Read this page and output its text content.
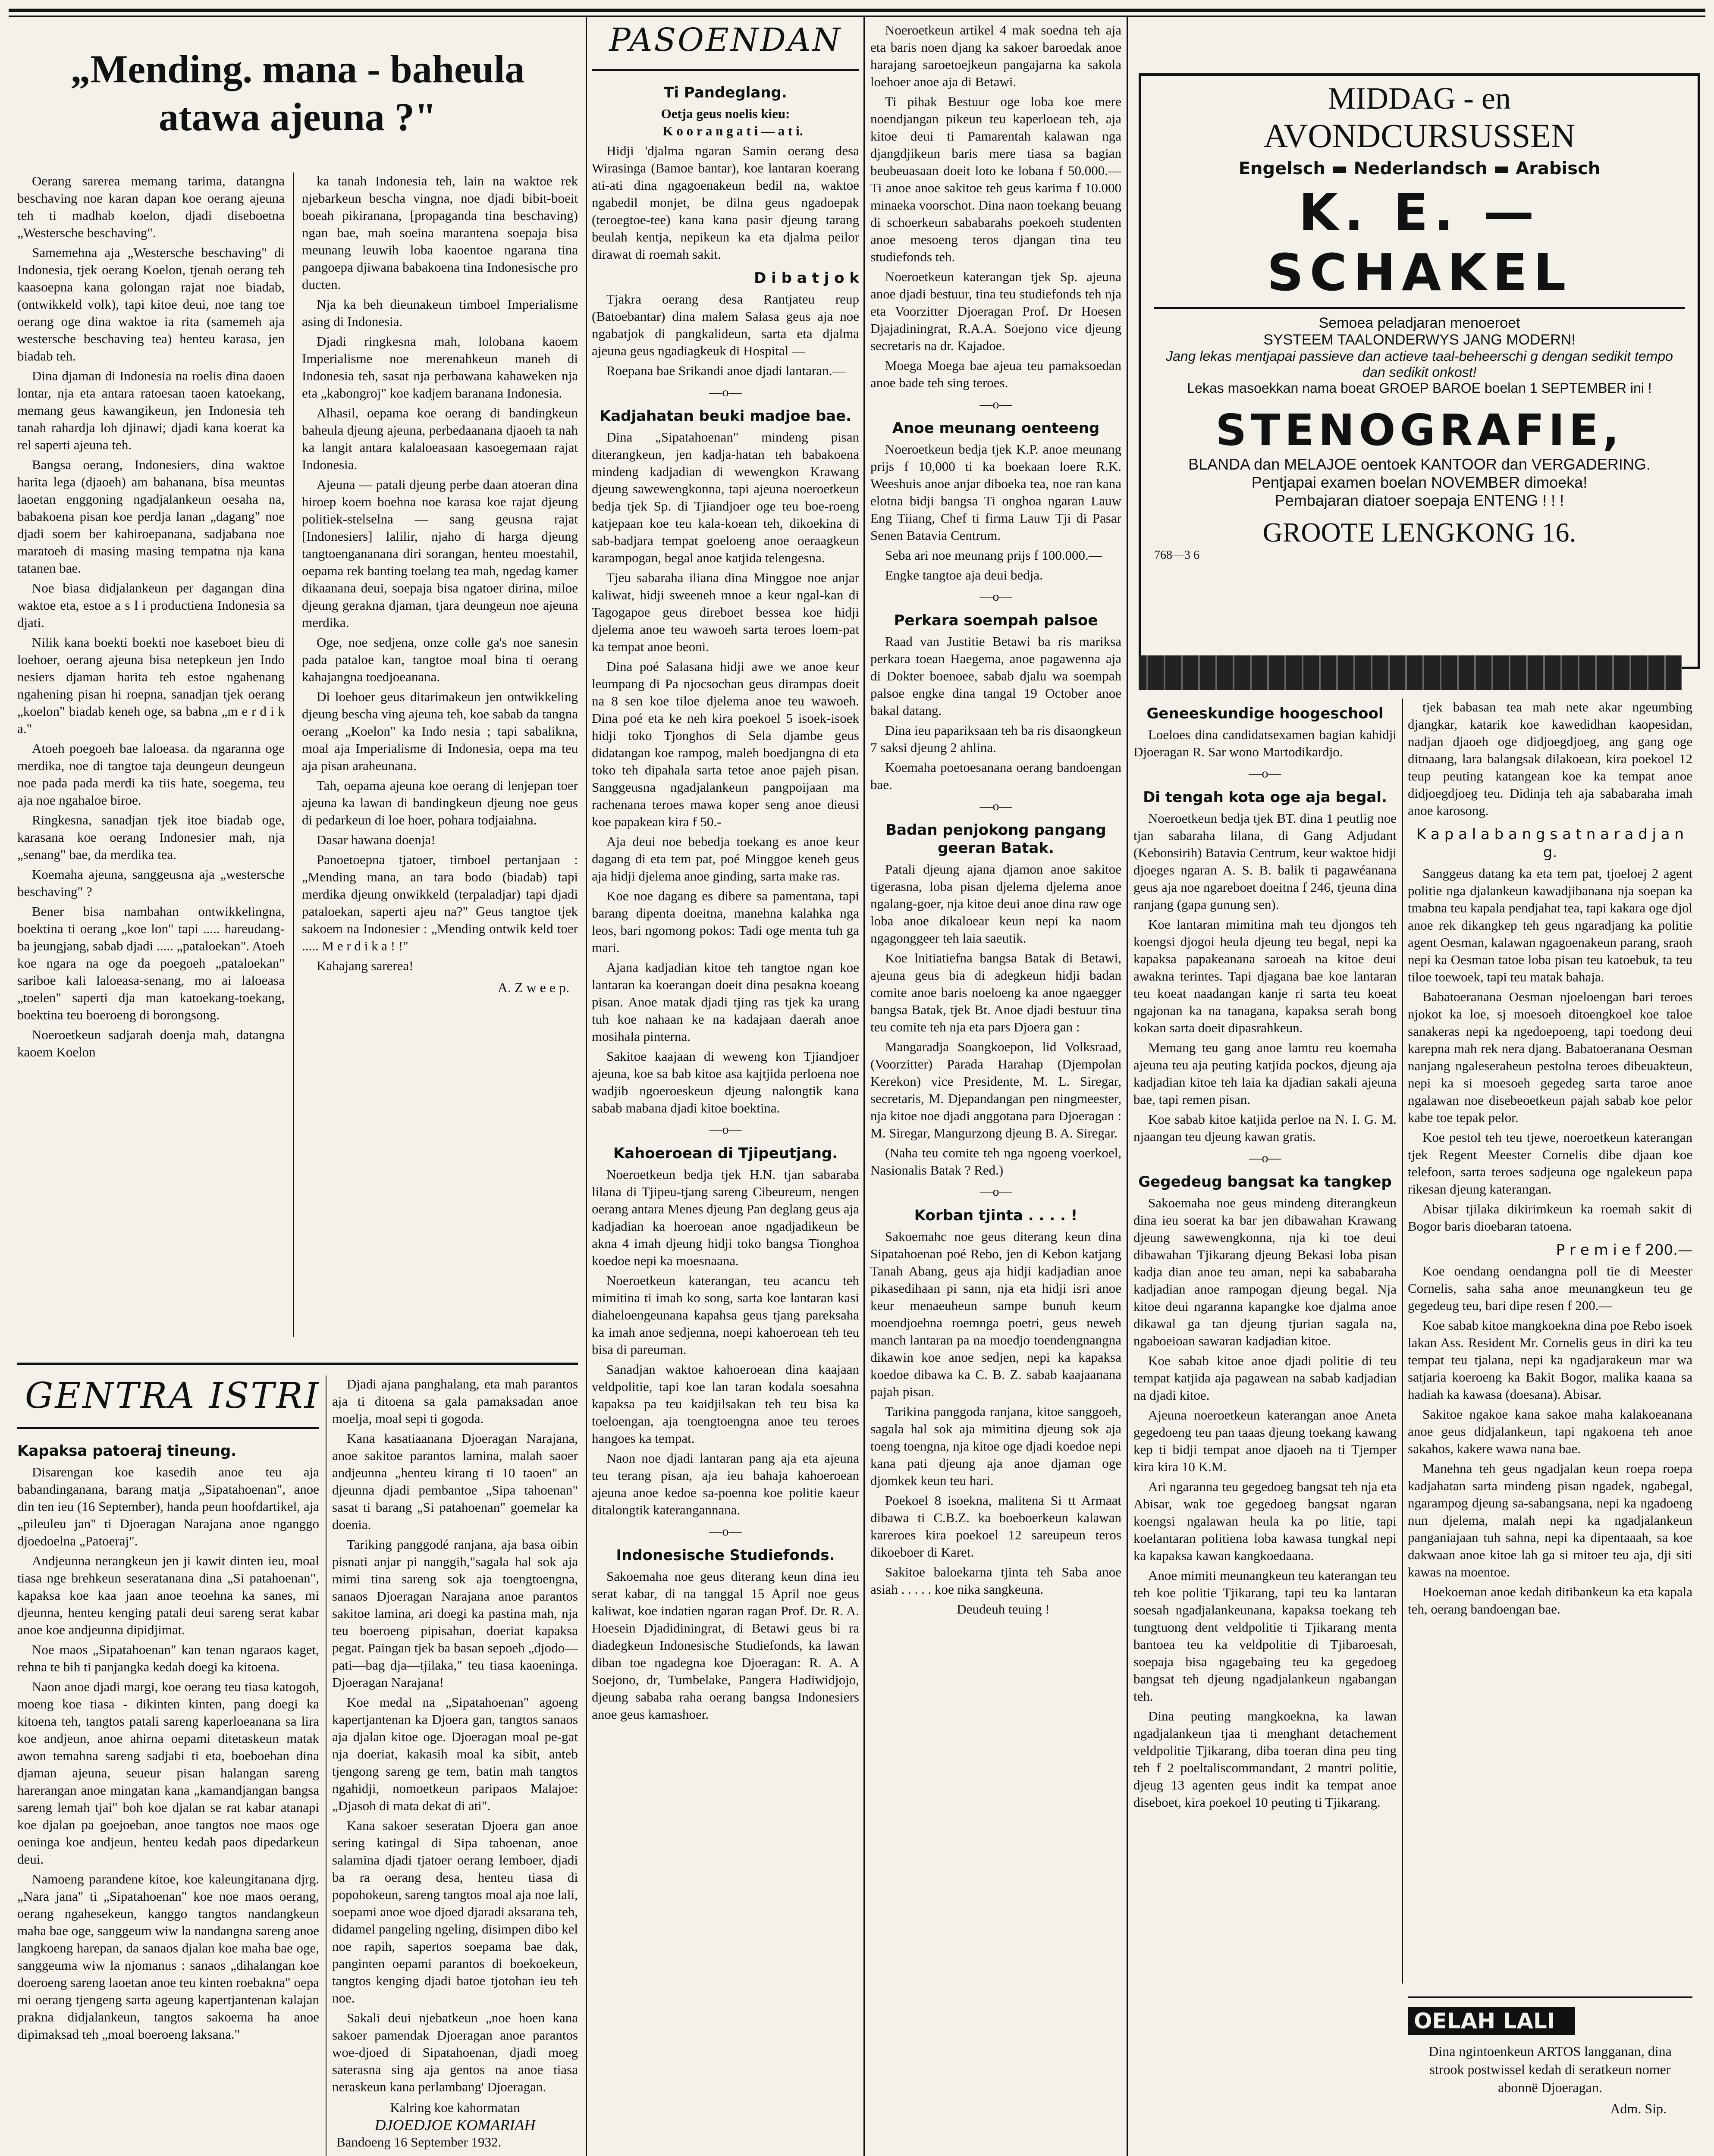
„Mending. mana - baheula
atawa ajeuna ?"

Oerang sarerea memang tarima, datangna beschaving noe karan dapan koe oerang ajeuna teh ti madhab koelon, djadi diseboetna „Westersche beschaving".

Samemehna aja „Westersche beschaving" di Indonesia, tjek oerang Koelon, tjenah oerang teh kaasoepna kana golongan rajat noe biadab, (ontwikkeld volk), tapi kitoe deui, noe tang toe oerang oge dina waktoe ia rita (samemeh aja westersche beschaving tea) henteu karasa, jen biadab teh.

Dina djaman di Indonesia na roelis dina daoen lontar, nja eta antara ratoesan taoen katoekang, memang geus kawangikeun, jen Indonesia teh tanah rahardja loh djinawi; djadi kana koerat ka rel saperti ajeuna teh.

Bangsa oerang, Indonesiers, dina waktoe harita lega (djaoeh) am bahanana, bisa meuntas laoetan enggoning ngadjalankeun oesaha na, babakoena pisan koe perdja lanan „dagang" noe djadi soem ber kahiroepanana, sadjabana noe maratoeh di masing masing tempatna nja kana tatanen bae.

Noe biasa didjalankeun per dagangan dina waktoe eta, estoe a s l i productiena Indonesia sa djati.

Nilik kana boekti boekti noe kaseboet bieu di loehoer, oerang ajeuna bisa netepkeun jen Indo nesiers djaman harita teh estoe ngahenang ngahening pisan hi roepna, sanadjan tjek oerang „koelon" biadab keneh oge, sa babna „m e r d i k a."

Atoeh poegoeh bae laloeasa. da ngaranna oge merdika, noe di tangtoe taja deungeun deungeun noe pada pada merdi ka tiis hate, soegema, teu aja noe ngahaloe biroe.

Ringkesna, sanadjan tjek itoe biadab oge, karasana koe oerang Indonesier mah, nja „senang" bae, da merdika tea.

Koemaha ajeuna, sanggeusna aja „westersche beschaving" ?

Bener bisa nambahan ontwikkelingna, boektina ti oerang „koe lon" tapi ..... hareudang-ba jeungjang, sabab djadi ..... „pataloekan". Atoeh koe ngara na oge da poegoeh „pataloekan" sariboe kali laloeasa-senang, mo ai laloeasa „toelen" saperti dja man katoekang-toekang, boektina teu boeroeng di borongsong.

Noeroetkeun sadjarah doenja mah, datangna kaoem Koelon

ka tanah Indonesia teh, lain na waktoe rek njebarkeun bescha vingna, noe djadi bibit-boeit boeah pikiranana, [propaganda tina beschaving) ngan bae, mah soeina marantena soepaja bisa meunang leuwih loba kaoentoe ngarana tina pangoepa djiwana babakoena tina Indonesische pro ducten.

Nja ka beh dieunakeun timboel Imperialisme asing di Indonesia.

Djadi ringkesna mah, lolobana kaoem Imperialisme noe merenahkeun maneh di Indonesia teh, sasat nja perbawana kahaweken nja eta „kabongroj" koe kadjem baranana Indonesia.

Alhasil, oepama koe oerang di bandingkeun baheula djeung ajeuna, perbedaanana djaoeh ta nah ka langit antara kalaloeasaan kasoegemaan rajat Indonesia.

Ajeuna — patali djeung perbe daan atoeran dina hiroep koem boehna noe karasa koe rajat djeung politiek-stelselna — sang geusna rajat [Indonesiers] lalilir, njaho di harga djeung tangtoengananana diri sorangan, henteu moestahil, oepama rek banting toelang tea mah, ngedag kamer dikaanana deui, soepaja bisa ngatoer dirina, miloe djeung gerakna djaman, tjara deungeun noe ajeuna merdika.

Oge, noe sedjena, onze colle ga's noe sanesin pada pataloe kan, tangtoe moal bina ti oerang kahajangna toedjoeanana.

Di loehoer geus ditarimakeun jen ontwikkeling djeung bescha ving ajeuna teh, koe sabab da tangna oerang „Koelon" ka Indo nesia ; tapi sabalikna, moal aja Imperialisme di Indonesia, oepa ma teu aja pisan araheunana.

Tah, oepama ajeuna koe oerang di lenjepan toer ajeuna ka lawan di bandingkeun djeung noe geus di pedarkeun di loe hoer, pohara todjaiahna.

Dasar hawana doenja!

Panoetoepna tjatoer, timboel pertanjaan : „Mending mana, an tara bodo (biadab) tapi merdika djeung onwikkeld (terpaladjar) tapi djadi pataloekan, saperti ajeu na?" Geus tangtoe tjek sakoem na Indonesier : „Mending ontwik keld toer ..... M e r d i k a ! !"

Kahajang sarerea!

A. Z w e e p.
GENTRA ISTRI
Kapaksa patoeraj tineung.

Disarengan koe kasedih anoe teu aja babandinganana, barang matja „Sipatahoenan", anoe din ten ieu (16 September), handa peun hoofdartikel, aja „pileuleu jan" ti Djoeragan Narajana anoe nganggo djoedoelna „Patoeraj".

Andjeunna nerangkeun jen ji kawit dinten ieu, moal tiasa nge brehkeun seseratanana dina „Si patahoenan", kapaksa koe kaa jaan anoe teoehna ka sanes, mi djeunna, henteu kenging patali deui sareng serat kabar anoe koe andjeunna dipidjimat.

Noe maos „Sipatahoenan" kan tenan ngaraos kaget, rehna te bih ti panjangka kedah doegi ka kitoena.

Naon anoe djadi margi, koe oerang teu tiasa katogoh, moeng koe tiasa - dikinten kinten, pang doegi ka kitoena teh, tangtos patali sareng kaperloeanana sa lira koe andjeun, anoe ahirna oepami ditetaskeun matak awon temahna sareng sadjabi ti eta, boeboehan dina djaman ajeuna, seueur pisan halangan sareng harerangan anoe mingatan kana „kamandjangan bangsa sareng lemah tjai" boh koe djalan se rat kabar atanapi koe djalan pa goejoeban, anoe tangtos noe maos oge oeninga koe andjeun, henteu kedah paos dipedarkeun deui.

Namoeng parandene kitoe, koe kaleungitanana djrg. „Nara jana" ti „Sipatahoenan" koe noe maos oerang, oerang ngahesekeun, kanggo tangtos nandangkeun maha bae oge, sanggeum wiw la nandangna sareng anoe langkoeng harepan, da sanaos djalan koe maha bae oge, sanggeuma wiw la njomanus : sanaos „dihalangan koe doeroeng sareng laoetan anoe teu kinten roebakna" oepa mi oerang tjengeng sarta ageung kapertjantenan kalajan prakna didjalankeun, tangtos sakoema ha anoe dipimaksad teh „moal boeroeng laksana."

Djadi ajana panghalang, eta mah parantos aja ti ditoena sa gala pamaksadan anoe moelja, moal sepi ti gogoda.

Kana kasatiaanana Djoeragan Narajana, anoe sakitoe parantos lamina, malah saoer andjeunna „henteu kirang ti 10 taoen" an djeunna djadi pembantoe „Sipa tahoenan" sasat ti barang „Si patahoenan" goemelar ka doenia.

Tariking panggodé ranjana, aja basa oibin pisnati anjar pi nanggih,"sagala hal sok aja mimi tina sareng sok aja toengtoengna, sanaos Djoeragan Narajana anoe parantos sakitoe lamina, ari doegi ka pastina mah, nja teu boeroeng pipisahan, doeriat kapaksa pegat. Paingan tjek ba basan sepoeh „djodo—pati—bag dja—tjilaka," teu tiasa kaoeninga. Djoeragan Narajana!

Koe medal na „Sipatahoenan" agoeng kapertjantenan ka Djoera gan, tangtos sanaos aja djalan kitoe oge. Djoeragan moal pe-gat nja doeriat, kakasih moal ka sibit, anteb tjengong sareng ge tem, batin mah tangtos ngahidji, nomoetkeun paripaos Malajoe: „Djasoh di mata dekat di ati".

Kana sakoer seseratan Djoera gan anoe sering katingal di Sipa tahoenan, anoe salamina djadi tjatoer oerang lemboer, djadi ba ra oerang desa, henteu tiasa di popohokeun, sareng tangtos moal aja noe lali, soepami anoe woe djoed djaradi aksarana teh, didamel pangeling ngeling, disimpen dibo kel noe rapih, sapertos soepama bae dak, panginten oepami parantos di boekoekeun, tangtos kenging djadi batoe tjotohan ieu teh noe.

Sakali deui njebatkeun „noe hoen kana sakoer pamendak Djoeragan anoe parantos woe-djoed di Sipatahoenan, djadi moeg saterasna sing aja gentos na anoe tiasa neraskeun kana perlambang' Djoeragan.

Kalring koe kahormatan
DJOEDJOE KOMARIAH
Bandoeng 16 September 1932.
PASOENDAN
Ti Pandeglang.
Oetja geus noelis kieu:

K o o r a n g a t i — a t i.

Hidji 'djalma ngaran Samin oerang desa Wirasinga (Bamoe bantar), koe lantaran koerang ati-ati dina ngagoenakeun bedil na, waktoe ngabedil monjet, be dilna geus ngadoepak (teroegtoe-tee) kana kana pasir djeung tarang beulah kentja, nepikeun ka eta djalma peilor dirawat di roemah sakit.

D i b a t j o k

Tjakra oerang desa Rantjateu reup (Batoebantar) dina malem Salasa geus aja noe ngabatjok di pangkalideun, sarta eta djalma ajeuna geus ngadiagkeuk di Hospital —

Roepana bae Srikandi anoe djadi lantaran.—

—o—
Kadjahatan beuki madjoe bae.

Dina „Sipatahoenan" mindeng pisan diterangkeun, jen kadja-hatan teh babakoena mindeng kadjadian di wewengkon Krawang djeung sawewengkonna, tapi ajeuna noeroetkeun bedja tjek Sp. di Tjiandjoer oge teu boe-roeng katjepaan koe teu kala-koean teh, dikoekina di sab-badjara tempat goeloeng anoe oeraagkeun karampogan, begal anoe katjida telengesna.

Tjeu sabaraha iliana dina Minggoe noe anjar kaliwat, hidji sweeneh mnoe a keur ngal-kan di Tagogapoe geus direboet bessea koe hidji djelema anoe teu wawoeh sarta teroes loem-pat ka tempat anoe beoni.

Dina poé Salasana hidji awe we anoe keur leumpang di Pa njocsochan geus dirampas doeit na 8 sen koe tiloe djelema anoe teu wawoeh. Dina poé eta ke neh kira poekoel 5 isoek-isoek hidji toko Tjonghos di Sela djambe geus didatangan koe rampog, maleh boedjangna di eta toko teh dipahala sarta tetoe anoe pajeh pisan. Sanggeusna ngadjalankeun pangpoijaan ma rachenana teroes mawa koper seng anoe dieusi koe papakean kira f 50.-

Aja deui noe bebedja toekang es anoe keur dagang di eta tem pat, poé Minggoe keneh geus aja hidji djelema anoe ginding, sarta make ras.

Koe noe dagang es dibere sa pamentana, tapi barang dipenta doeitna, manehna kalahka nga leos, bari ngomong pokos: Tadi oge menta tuh ga mari.

Ajana kadjadian kitoe teh tangtoe ngan koe lantaran ka koerangan doeit dina pesakna koeang pisan. Anoe matak djadi tjing ras tjek ka urang tuh koe nahaan ke na kadajaan daerah anoe mosihala pinterna.

Sakitoe kaajaan di weweng kon Tjiandjoer ajeuna, koe sa bab kitoe asa kajtjida perloena noe wadjib ngoeroeskeun djeung nalongtik kana sabab mabana djadi kitoe boektina.

—o—
Kahoeroean di Tjipeutjang.

Noeroetkeun bedja tjek H.N. tjan sabaraba lilana di Tjipeu-tjang sareng Cibeureum, nengen oerang antara Menes djeung Pan deglang geus aja kadjadian ka hoeroean anoe ngadjadikeun be akna 4 imah djeung hidji toko bangsa Tionghoa koedoe nepi ka moesnaana.

Noeroetkeun katerangan, teu acancu teh mimitina ti imah ko song, sarta koe lantaran kasi diaheloengeunana kapahsa geus tjang pareksaha ka imah anoe sedjenna, noepi kahoeroean teh teu bisa di pareuman.

Sanadjan waktoe kahoeroean dina kaajaan veldpolitie, tapi koe lan taran kodala soesahna kapaksa pa teu kaidjilsakan teh teu bisa ka toeloengan, aja toengtoengna anoe teu teroes hangoes ka tempat.

Naon noe djadi lantaran pang aja eta ajeuna teu terang pisan, aja ieu bahaja kahoeroean ajeuna anoe kedoe sa-poenna koe politie kaeur ditalongtik katerangannana.

—o—
Indonesische Studiefonds.

Sakoemaha noe geus diterang keun dina ieu serat kabar, di na tanggal 15 April noe geus kaliwat, koe indatien ngaran ragan Prof. Dr. R. A. Hoesein Djadidiningrat, di Betawi geus bi ra diadegkeun Indonesische Studiefonds, ka lawan diban toe ngadegna koe Djoeragan: R. A. A Soejono, dr, Tumbelake, Pangera Hadiwidjojo, djeung sababa raha oerang bangsa Indonesiers anoe geus kamashoer.

Noeroetkeun artikel 4 mak soedna teh aja eta baris noen djang ka sakoer baroedak anoe harajang saroetoejkeun pangajarna ka sakola loehoer anoe aja di Betawi.

Ti pihak Bestuur oge loba koe mere noendjangan pikeun teu kaperloean teh, aja kitoe deui ti Pamarentah kalawan nga djangdjikeun baris mere tiasa sa bagian beubeuasaan doeit loto ke lobana f 50.000.— Ti anoe anoe sakitoe teh geus karima f 10.000 minaeka voorschot. Dina naon toekang beuang di schoerkeun sababarahs poekoeh studenten anoe mesoeng teros djangan tina teu studiefonds teh.

Noeroetkeun katerangan tjek Sp. ajeuna anoe djadi bestuur, tina teu studiefonds teh nja eta Voorzitter Djoeragan Prof. Dr Hoesen Djajadiningrat, R.A.A. Soejono vice djeung secretaris na dr. Kajadoe.

Moega Moega bae ajeua teu pamaksoedan anoe bade teh sing teroes.

—o—
Anoe meunang oenteeng

Noeroetkeun bedja tjek K.P. anoe meunang prijs f 10,000 ti ka boekaan loere R.K. Weeshuis anoe anjar diboeka tea, noe ran kana elotna bidji bangsa Ti onghoa ngaran Lauw Eng Tiiang, Chef ti firma Lauw Tji di Pasar Senen Batavia Centrum.

Seba ari noe meunang prijs f 100.000.—

Engke tangtoe aja deui bedja.

—o—
Perkara soempah palsoe

Raad van Justitie Betawi ba ris mariksa perkara toean Haegema, anoe pagawenna aja di Dokter boenoee, sabab djalu wa soempah palsoe engke dina tangal 19 October anoe bakal datang.

Dina ieu papariksaan teh ba ris disaongkeun 7 saksi djeung 2 ahlina.

Koemaha poetoesanana oerang bandoengan bae.

—o—
Badan penjokong pangang geeran Batak.

Patali djeung ajana djamon anoe sakitoe tigerasna, loba pisan djelema djelema anoe ngalang-goer, nja kitoe deui anoe dina raw oge loba anoe dikaloear keun nepi ka naom ngagonggeer teh laia saeutik.

Koe lnitiatiefna bangsa Batak di Betawi, ajeuna geus bia di adegkeun hidji badan comite anoe baris noeloeng ka anoe ngaegger bangsa Batak, tjek Bt. Anoe djadi bestuur tina teu comite teh nja eta pars Djoera gan :

Mangaradja Soangkoepon, lid Volksraad, (Voorzitter) Parada Harahap (Djempolan Kerekon) vice Presidente, M. L. Siregar, secretaris, M. Djepandangan pen ningmeester, nja kitoe noe djadi anggotana para Djoeragan : M. Siregar, Mangurzong djeung B. A. Siregar.

(Naha teu comite teh nga ngoeng voerkoel, Nasionalis Batak ? Red.)

—o—
Korban tjinta . . . . !

Sakoemahc noe geus diterang keun dina Sipatahoenan poé Rebo, jen di Kebon katjang Tanah Abang, geus aja hidji kadjadian anoe pikasedihaan pi sann, nja eta hidji isri anoe keur menaeuheun sampe bunuh keum moendjoehna roemnga poetri, geus neweh manch lantaran pa na moedjo toendengnangna dikawin koe anoe sedjen, nepi ka kapaksa koedoe dibawa ka C. B. Z. sabab kaajaanana pajah pisan.

Tarikina panggoda ranjana, kitoe sanggoeh, sagala hal sok aja mimitina djeung sok aja toeng toengna, nja kitoe oge djadi koedoe nepi kana pati djeung aja anoe djaman oge djomkek keun teu hari.

Poekoel 8 isoekna, malitena Si tt Armaat dibawa ti C.B.Z. ka boeboerkeun kalawan kareroes kira poekoel 12 sareupeun teros dikoeboer di Karet.

Sakitoe baloekarna tjinta teh Saba anoe asiah . . . . . koe nika sangkeuna.

Deudeuh teuing !

MIDDAG - en
AVONDCURSUSSEN
Engelsch ▬ Nederlandsch ▬ Arabisch
K. E. — SCHAKEL
Semoea peladjaran menoeroet
SYSTEEM TAALONDERWYS JANG MODERN!
Jang lekas mentjapai passieve dan actieve taal-beheerschi g dengan sedikit tempo dan sedikit onkost!
Lekas masoekkan nama boeat GROEP BAROE boelan 1 SEPTEMBER ini !
STENOGRAFIE,
BLANDA dan MELAJOE oentoek KANTOOR dan VERGADERING.
Pentjapai examen boelan NOVEMBER dimoeka!
Pembajaran diatoer soepaja ENTENG ! ! !
GROOTE LENGKONG 16.
768—3 6
Geneeskundige hoogeschool

Loeloes dina candidatsexamen bagian kahidji Djoeragan R. Sar wono Martodikardjo.

—o—
Di tengah kota oge aja begal.

Noeroetkeun bedja tjek BT. dina 1 peutlig noe tjan sabaraha lilana, di Gang Adjudant (Kebonsirih) Batavia Centrum, keur waktoe hidji djoeges ngaran A. S. B. balik ti pagawéanana geus aja noe ngareboet doeitna f 246, tjeuna dina ranjang (gapa gunung sen).

Koe lantaran mimitina mah teu djongos teh koengsi djogoi heula djeung teu begal, nepi ka kapaksa papakeanana saroeah na kitoe deui awakna terintes. Tapi djagana bae koe lantaran teu koeat naadangan kanje ri sarta teu koeat ngajonan ka na tanagana, kapaksa serah bong kokan sarta doeit dipasrahkeun.

Memang teu gang anoe lamtu reu koemaha ajeuna teu aja peuting katjida pockos, djeung aja kadjadian kitoe teh laia ka djadian sakali ajeuna bae, tapi remen pisan.

Koe sabab kitoe katjida perloe na N. I. G. M. njaangan teu djeung kawan gratis.

—o—
Gegedeug bangsat ka tangkep

Sakoemaha noe geus mindeng diterangkeun dina ieu soerat ka bar jen dibawahan Krawang djeung sawewengkonna, nja ki toe deui dibawahan Tjikarang djeung Bekasi loba pisan kadja dian anoe teu aman, nepi ka sababaraha kadjadian anoe rampogan djeung begal. Nja kitoe deui ngaranna kapangke koe djalma anoe dikawal ga tan djeung tjurian sagala na, ngaboeioan sawaran kadjadian kitoe.

Koe sabab kitoe anoe djadi politie di teu tempat katjida aja pagawean na sabab kadjadian na djadi kitoe.

Ajeuna noeroetkeun katerangan anoe Aneta gegedoeng teu pan taaas djeung toekang kawang kep ti bidji tempat anoe djaoeh na ti Tjemper kira kira 10 K.M.

Ari ngaranna teu gegedoeg bangsat teh nja eta Abisar, wak toe gegedoeg bangsat ngaran koengsi ngalawan heula ka po litie, tapi koelantaran politiena loba kawasa tungkal nepi ka kapaksa kawan kangkoedaana.

Anoe mimiti meunangkeun teu katerangan teu teh koe politie Tjikarang, tapi teu ka lantaran soesah ngadjalankeunana, kapaksa toekang teh tungtuong dent veldpolitie ti Tjikarang menta bantoea teu ka veldpolitie di Tjibaroesah, soepaja bisa ngagebaing teu ka gegedoeg bangsat teh djeung ngadjalankeun ngabangan teh.

Dina peuting mangkoekna, ka lawan ngadjalankeun tjaa ti menghant detachement veldpolitie Tjikarang, diba toeran dina peu ting teh f 2 poeltaliscommandant, 2 mantri politie, djeug 13 agenten geus indit ka tempat anoe diseboet, kira poekoel 10 peuting ti Tjikarang.

tjek babasan tea mah nete akar ngeumbing djangkar, katarik koe kawedidhan kaopesidan, nadjan djaoeh oge didjoegdjoeg, ang gang oge ditnaang, lara balangsak dilakoean, kira poekoel 12 teup peuting katangean koe ka tempat anoe didjoegdjoeg teu. Didinja teh aja sababaraha imah anoe karosong.

K a p a l a b a n g s a t n a r a d j a n g.

Sanggeus datang ka eta tem pat, tjoeloej 2 agent politie nga djalankeun kawadjibanana nja soepan ka tmabna teu kapala pendjahat tea, tapi kakara oge djol anoe rek dikangkep teh geus ngaradjang ka politie agent Oesman, kalawan ngagoenakeun parang, sraoh nepi ka Oesman tatoe loba pisan teu katoebuk, ta teu tiloe toewoek, tapi teu matak bahaja.

Babatoeranana Oesman njoeloengan bari teroes njokot ka loe, sj moesoeh ditoengkoel koe taloe sanakeras nepi ka ngedoepoeng, tapi toedong deui karepna mah rek nera djang. Babatoeranana Oesman nanjang ngaleseraheun pestolna teroes dibeuakteun, nepi ka si moesoeh gegedeg sarta taroe anoe ngalawan noe disebeoetkeun pajah sabab koe pelor kabe toe tepak pelor.

Koe pestol teh teu tjewe, noeroetkeun katerangan tjek Regent Meester Cornelis dibe djaan koe telefoon, sarta teroes sadjeuna oge ngalekeun papa rikesan djeung katerangan.

Abisar tjilaka dikirimkeun ka roemah sakit di Bogor baris dioebaran tatoena.

P r e m i e f 200.—

Koe oendang oendangna poll tie di Meester Cornelis, saha saha anoe meunangkeun teu ge gegedeug teu, bari dipe resen f 200.—

Koe sabab kitoe mangkoekna dina poe Rebo isoek lakan Ass. Resident Mr. Cornelis geus in diri ka teu tempat teu tjalana, nepi ka ngadjarakeun mar wa satjaria koeroeng ka Bakit Bogor, malika kaana sa hadiah ka kawasa (doesana). Abisar.

Sakitoe ngakoe kana sakoe maha kalakoeanana anoe geus didjalankeun, tapi ngakoena teh anoe sakahos, kakere wawa nana bae.

Manehna teh geus ngadjalan keun roepa roepa kadjahatan sarta mindeng pisan ngadek, ngabegal, ngarampog djeung sa-sabangsana, nepi ka ngadoeng nun djelema, malah nepi ka ngadjalankeun panganiajaan tuh sahna, nepi ka dipentaaah, sa koe dakwaan anoe kitoe lah ga si mitoer teu aja, dji siti kawas na moentoe.

Hoekoeman anoe kedah ditibankeun ka eta kapala teh, oerang bandoengan bae.

OELAH LALI
Dina ngintoenkeun ARTOS langganan, dina strook postwissel kedah di seratkeun nomer abonnë Djoeragan.
Adm. Sip.
